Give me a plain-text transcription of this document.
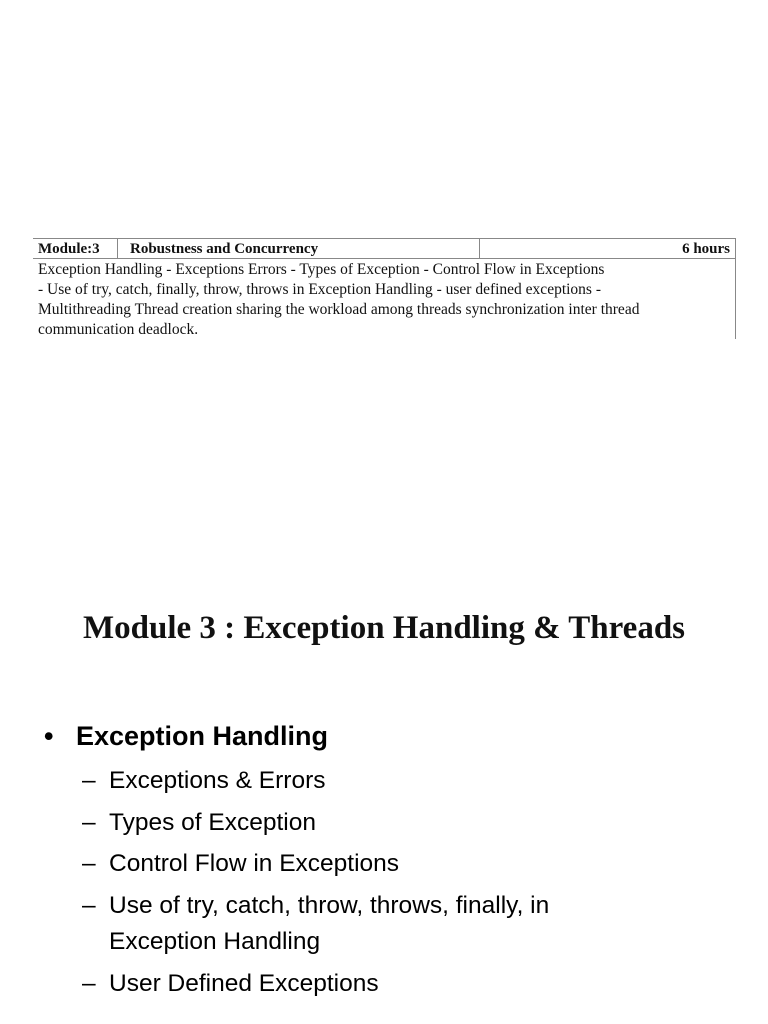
Module:3	Robustness and Concurrency	6 hours
Exception Handling - Exceptions Errors - Types of Exception - Control Flow in Exceptions
- Use of try, catch, finally, throw, throws in Exception Handling - user defined exceptions -
Multithreading Thread creation sharing the workload among threads synchronization inter thread
communication deadlock.
Module 3 : Exception Handling & Threads
• Exception Handling
– Exceptions & Errors
– Types of Exception
– Control Flow in Exceptions
– Use of try, catch, throw, throws, finally, in
Exception Handling
– User Defined Exceptions
